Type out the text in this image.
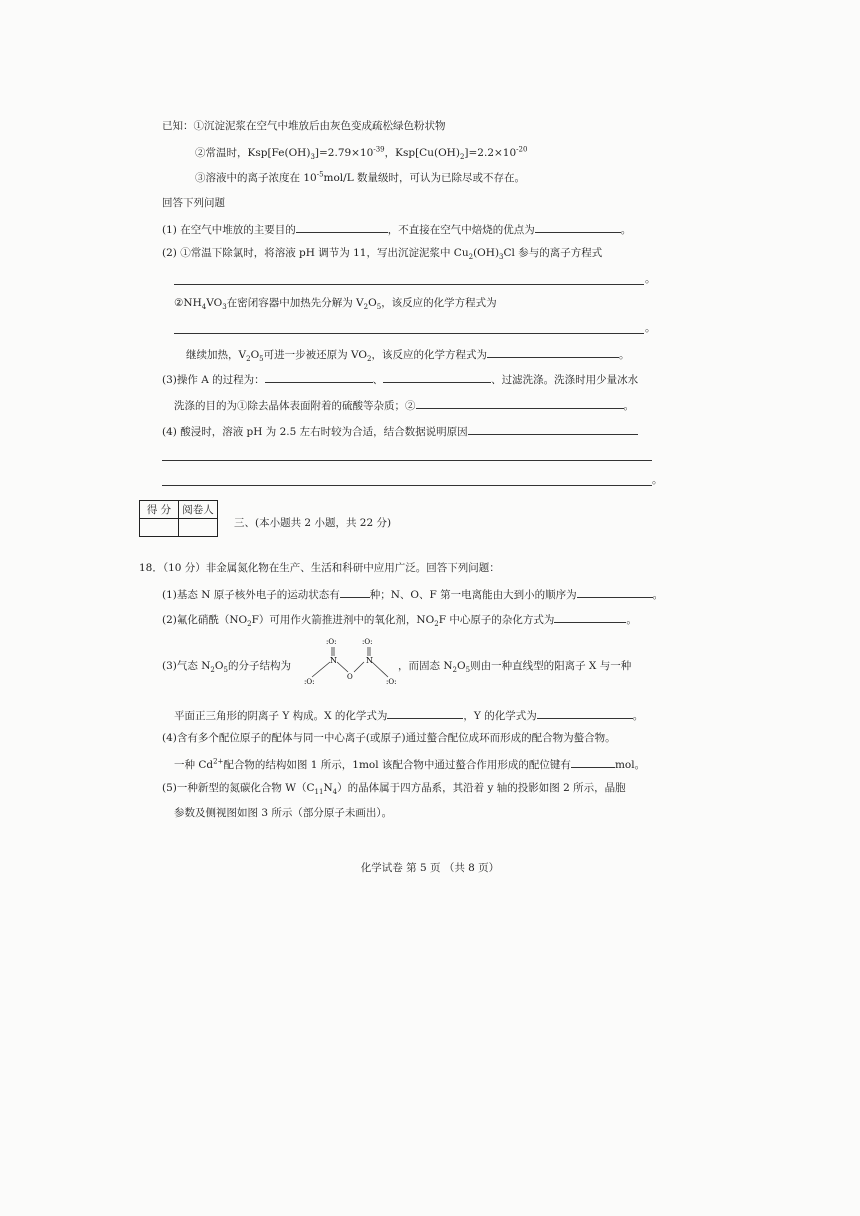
已知：①沉淀泥浆在空气中堆放后由灰色变成疏松绿色粉状物
②常温时，$Ksp[Fe(OH)_3]=2.79\times 10^{-39}$，$Ksp[Cu(OH)_2]=2.2\times 10^{-20}$
③溶液中的离子浓度在 $10^{-5}mol/L$ 数量级时，可认为已除尽或不存在。
回答下列问题
(1) 在空气中堆放的主要目的	，不直接在空气中焙烧的优点为	。
(2) ①常温下除氯时，将溶液 pH 调节为 11，写出沉淀泥浆中 $Cu_2(OH)_3Cl$ 参与的离子方程式
。
$②NH_4VO_3$在密闭容器中加热先分解为 $V_2O_5$，该反应的化学方程式为
。
继续加热，$V_2O_5$可进一步被还原为 $VO_2$，该反应的化学方程式为	。
(3)操作 A 的过程为：	、	、过滤洗涤。洗涤时用少量冰水
洗涤的目的为①除去晶体表面附着的硫酸等杂质；②	。
(4) 酸浸时，溶液 pH 为 2.5 左右时较为合适，结合数据说明原因
。
得 分	阅卷人

三、(本小题共 2 小题，共 22 分)
18．（10 分）非金属氮化物在生产、生活和科研中应用广泛。回答下列问题：
(1)基态 N 原子核外电子的运动状态有	种；N、O、F 第一电离能由大到小的顺序为	。
(2)氟化硝酰$(NO_2F)$可用作火箭推进剂中的氧化剂，$NO_2F$ 中心原子的杂化方式为	。
(3)气态 $N_2O_5$的分子结构为	，而固态 $N_2O_5$则由一种直线型的阳离子 X 与一种
:O:	:O:
N	N
O
:O:	:O:
平面正三角形的阴离子 Y 构成。X 的化学式为	，Y 的化学式为	。
(4)含有多个配位原子的配体与同一中心离子(或原子)通过螯合配位成环而形成的配合物为螯合物。
一种 $Cd^{2+}$配合物的结构如图 1 所示，1mol 该配合物中通过螯合作用形成的配位键有	mol。
(5)一种新型的氮碳化合物 $W(C_{11}N_4)$的晶体属于四方晶系，其沿着 y 轴的投影如图 2 所示，晶胞
参数及侧视图如图 3 所示（部分原子未画出）。
化学试卷 第 5 页 （共 8 页）
